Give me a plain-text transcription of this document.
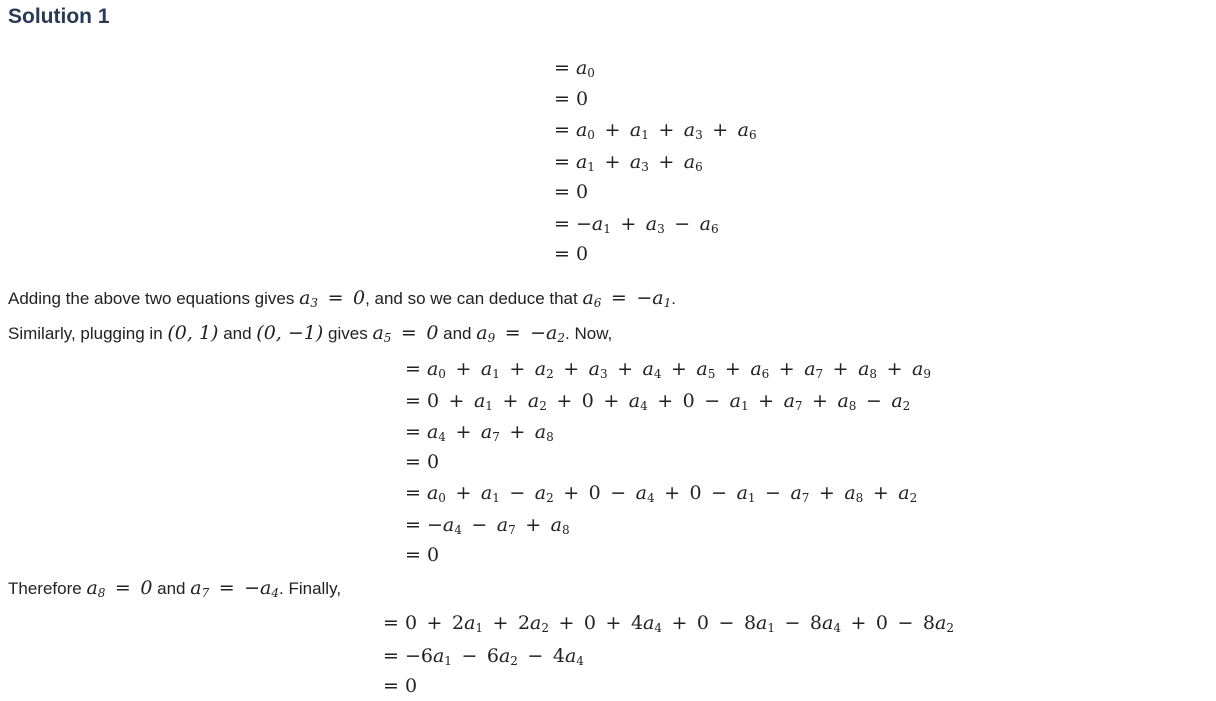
Solution 1
Adding the above two equations gives $a_3$ = 0, and so we can deduce that $a_6$ = $-a_1$.
Similarly, plugging in (0, 1) and (0, −1) gives $a_5$ = 0 and $a_9$ = $-a_2$. Now,
Therefore $a_8$ = 0 and $a_7$ = $-a_4$. Finally,
= $a_0$
= 0
= $a_0$ + $a_1$ + $a_3$ + $a_6$
= $a_1$ + $a_3$ + $a_6$
= 0
= $-a_1$ + $a_3$ − $a_6$
= 0
= $a_0$ + $a_1$ + $a_2$ + $a_3$ + $a_4$ + $a_5$ + $a_6$ + $a_7$ + $a_8$ + $a_9$
= 0 + $a_1$ + $a_2$ + 0 + $a_4$ + 0 − $a_1$ + $a_7$ + $a_8$ − $a_2$
= $a_4$ + $a_7$ + $a_8$
= 0
= $a_0$ + $a_1$ − $a_2$ + 0 − $a_4$ + 0 − $a_1$ − $a_7$ + $a_8$ + $a_2$
= $-a_4$ − $a_7$ + $a_8$
= 0
= 0 + $2a_1$ + $2a_2$ + 0 + $4a_4$ + 0 − $8a_1$ − $8a_4$ + 0 − $8a_2$
= $-6a_1$ − $6a_2$ − $4a_4$
= 0
